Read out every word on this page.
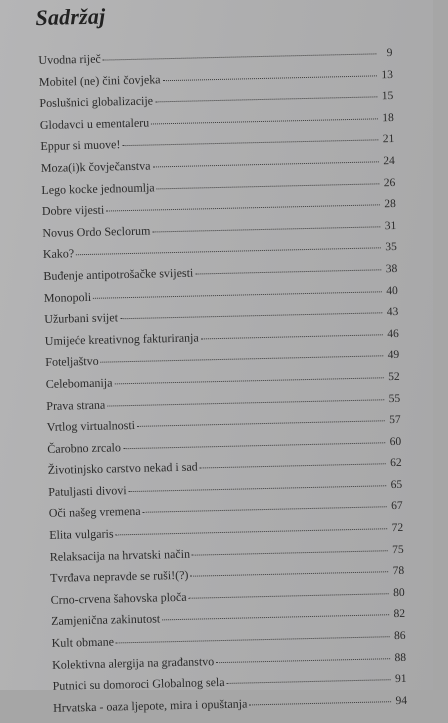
Sadržaj
Uvodna riječ	9
Mobitel (ne) čini čovjeka	13
Poslušnici globalizacije	15
Glodavci u ementaleru	18
Eppur si muove!	21
Moza(i)k čovječanstva	24
Lego kocke jednoumlja	26
Dobre vijesti	28
Novus Ordo Seclorum	31
Kako?	35
Buđenje antipotrošačke svijesti	38
Monopoli	40
Užurbani svijet	43
Umijeće kreativnog fakturiranja	46
Foteljaštvo	49
Celebomanija	52
Prava strana	55
Vrtlog virtualnosti	57
Čarobno zrcalo	60
Životinjsko carstvo nekad i sad	62
Patuljasti divovi	65
Oči našeg vremena	67
Elita vulgaris	72
Relaksacija na hrvatski način	75
Tvrđava nepravde se ruši!(?)	78
Crno-crvena šahovska ploča	80
Zamjenična zakinutost	82
Kult obmane	86
Kolektivna alergija na građanstvo	88
Putnici su domoroci Globalnog sela	91
Hrvatska - oaza ljepote, mira i opuštanja	94
